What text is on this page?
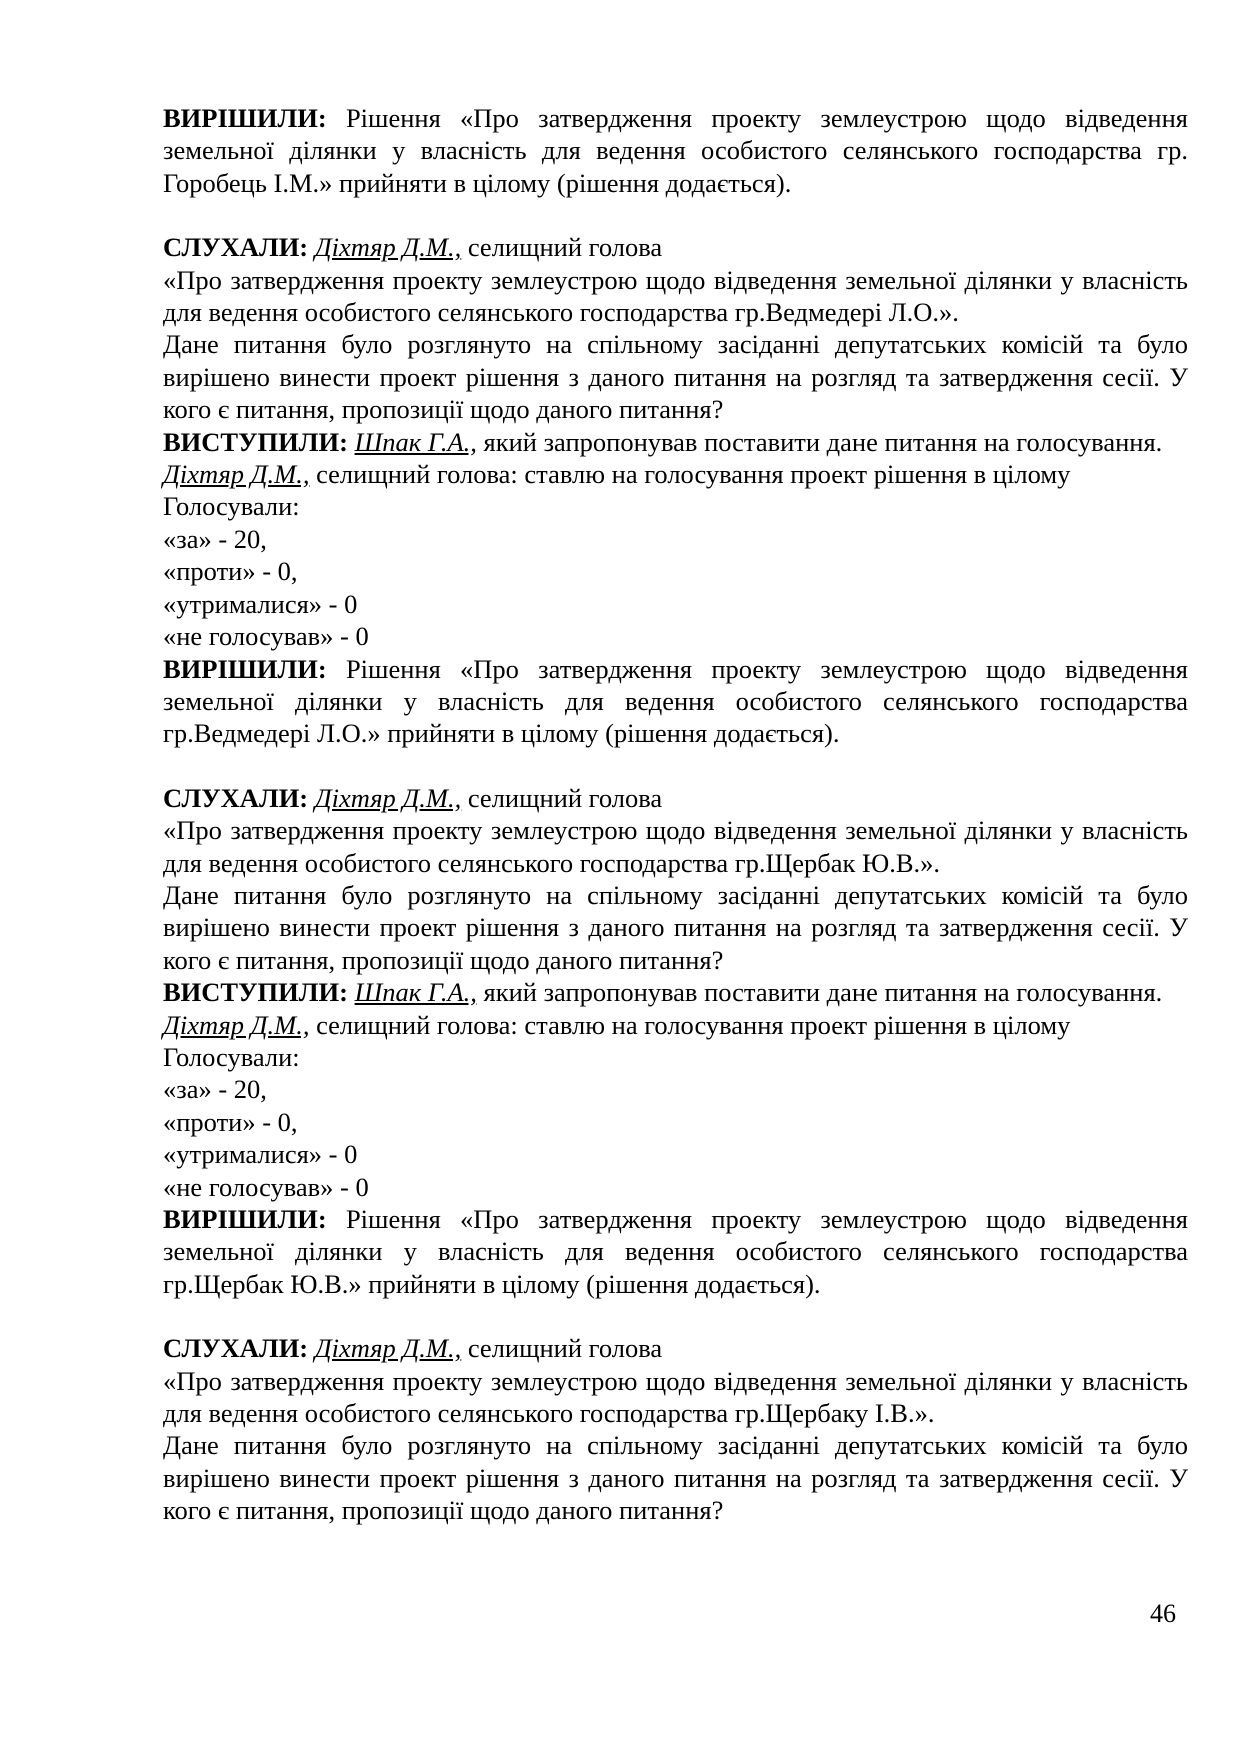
ВИРІШИЛИ: Рішення «Про затвердження проекту землеустрою щодо відведення земельної ділянки у власність для ведення особистого селянського господарства гр. Горобець І.М.» прийняти в цілому (рішення додається).

СЛУХАЛИ: Діхтяр Д.М., селищний голова

«Про затвердження проекту землеустрою щодо відведення земельної ділянки у власність для ведення особистого селянського господарства гр.Ведмедері Л.О.».

Дане питання було розглянуто на спільному засіданні депутатських комісій та було вирішено винести проект рішення з даного питання на розгляд та затвердження сесії. У кого є питання, пропозиції щодо даного питання?

ВИСТУПИЛИ: Шпак Г.А., який запропонував поставити дане питання на голосування.

Діхтяр Д.М., селищний голова: ставлю на голосування проект рішення в цілому

Голосували:

«за» - 20,

«проти» - 0,

«утрималися» - 0

«не голосував» - 0

ВИРІШИЛИ: Рішення «Про затвердження проекту землеустрою щодо відведення земельної ділянки у власність для ведення особистого селянського господарства гр.Ведмедері Л.О.» прийняти в цілому (рішення додається).

СЛУХАЛИ: Діхтяр Д.М., селищний голова

«Про затвердження проекту землеустрою щодо відведення земельної ділянки у власність для ведення особистого селянського господарства гр.Щербак Ю.В.».

Дане питання було розглянуто на спільному засіданні депутатських комісій та було вирішено винести проект рішення з даного питання на розгляд та затвердження сесії. У кого є питання, пропозиції щодо даного питання?

ВИСТУПИЛИ: Шпак Г.А., який запропонував поставити дане питання на голосування.

Діхтяр Д.М., селищний голова: ставлю на голосування проект рішення в цілому

Голосували:

«за» - 20,

«проти» - 0,

«утрималися» - 0

«не голосував» - 0

ВИРІШИЛИ: Рішення «Про затвердження проекту землеустрою щодо відведення земельної ділянки у власність для ведення особистого селянського господарства гр.Щербак Ю.В.» прийняти в цілому (рішення додається).

СЛУХАЛИ: Діхтяр Д.М., селищний голова

«Про затвердження проекту землеустрою щодо відведення земельної ділянки у власність для ведення особистого селянського господарства гр.Щербаку І.В.».

Дане питання було розглянуто на спільному засіданні депутатських комісій та було вирішено винести проект рішення з даного питання на розгляд та затвердження сесії. У кого є питання, пропозиції щодо даного питання?

46
